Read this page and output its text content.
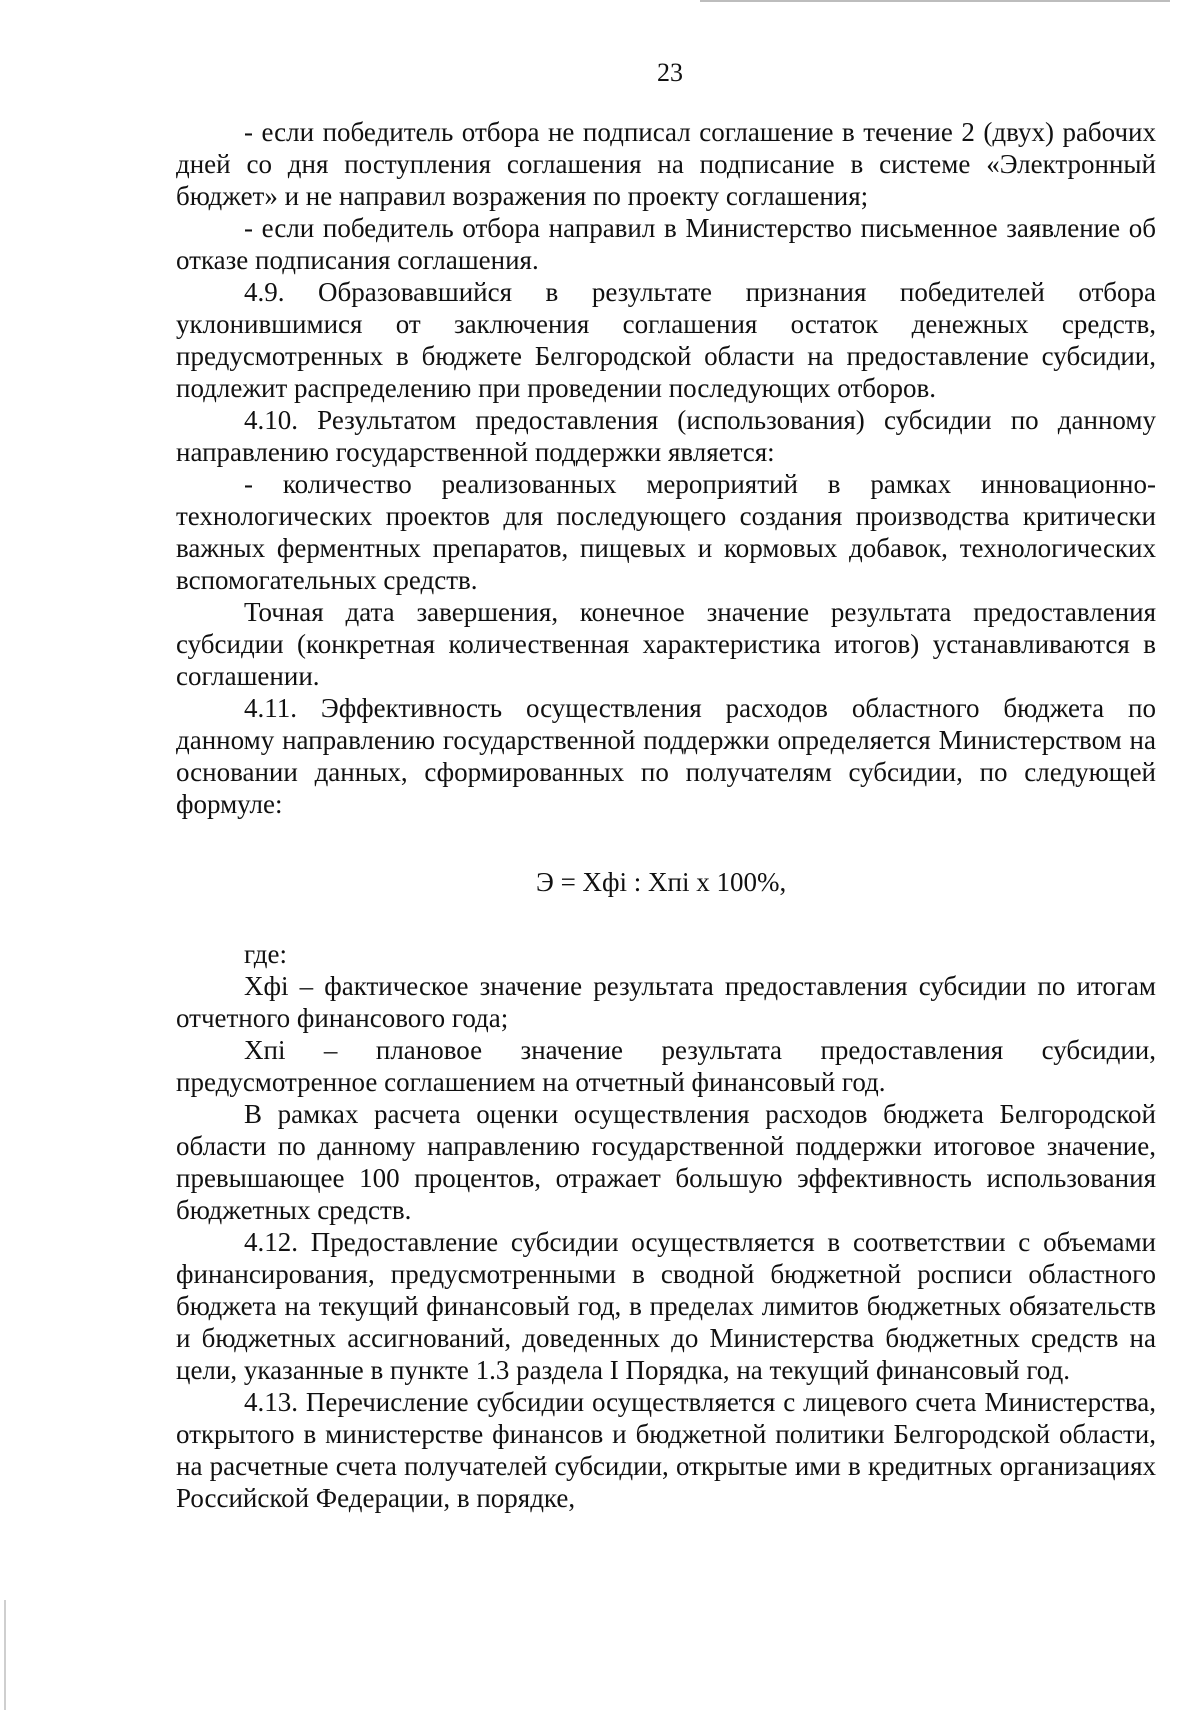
23

- если победитель отбора не подписал соглашение в течение 2 (двух) рабочих дней со дня поступления соглашения на подписание в системе «Электронный бюджет» и не направил возражения по проекту соглашения;

- если победитель отбора направил в Министерство письменное заявление об отказе подписания соглашения.

4.9. Образовавшийся в результате признания победителей отбора уклонившимися от заключения соглашения остаток денежных средств, предусмотренных в бюджете Белгородской области на предоставление субсидии, подлежит распределению при проведении последующих отборов.

4.10. Результатом предоставления (использования) субсидии по данному направлению государственной поддержки является:

- количество реализованных мероприятий в рамках инновационно-технологических проектов для последующего создания производства критически важных ферментных препаратов, пищевых и кормовых добавок, технологических вспомогательных средств.

Точная дата завершения, конечное значение результата предоставления субсидии (конкретная количественная характеристика итогов) устанавливаются в соглашении.

4.11. Эффективность осуществления расходов областного бюджета по данному направлению государственной поддержки определяется Министерством на основании данных, сформированных по получателям субсидии, по следующей формуле:

Э = Хфi : Хпi х 100%,

где:

Хфi – фактическое значение результата предоставления субсидии по итогам отчетного финансового года;

Хпi – плановое значение результата предоставления субсидии, предусмотренное соглашением на отчетный финансовый год.

В рамках расчета оценки осуществления расходов бюджета Белгородской области по данному направлению государственной поддержки итоговое значение, превышающее 100 процентов, отражает большую эффективность использования бюджетных средств.

4.12. Предоставление субсидии осуществляется в соответствии с объемами финансирования, предусмотренными в сводной бюджетной росписи областного бюджета на текущий финансовый год, в пределах лимитов бюджетных обязательств и бюджетных ассигнований, доведенных до Министерства бюджетных средств на цели, указанные в пункте 1.3 раздела I Порядка, на текущий финансовый год.

4.13. Перечисление субсидии осуществляется с лицевого счета Министерства, открытого в министерстве финансов и бюджетной политики Белгородской области, на расчетные счета получателей субсидии, открытые ими в кредитных организациях Российской Федерации, в порядке,
